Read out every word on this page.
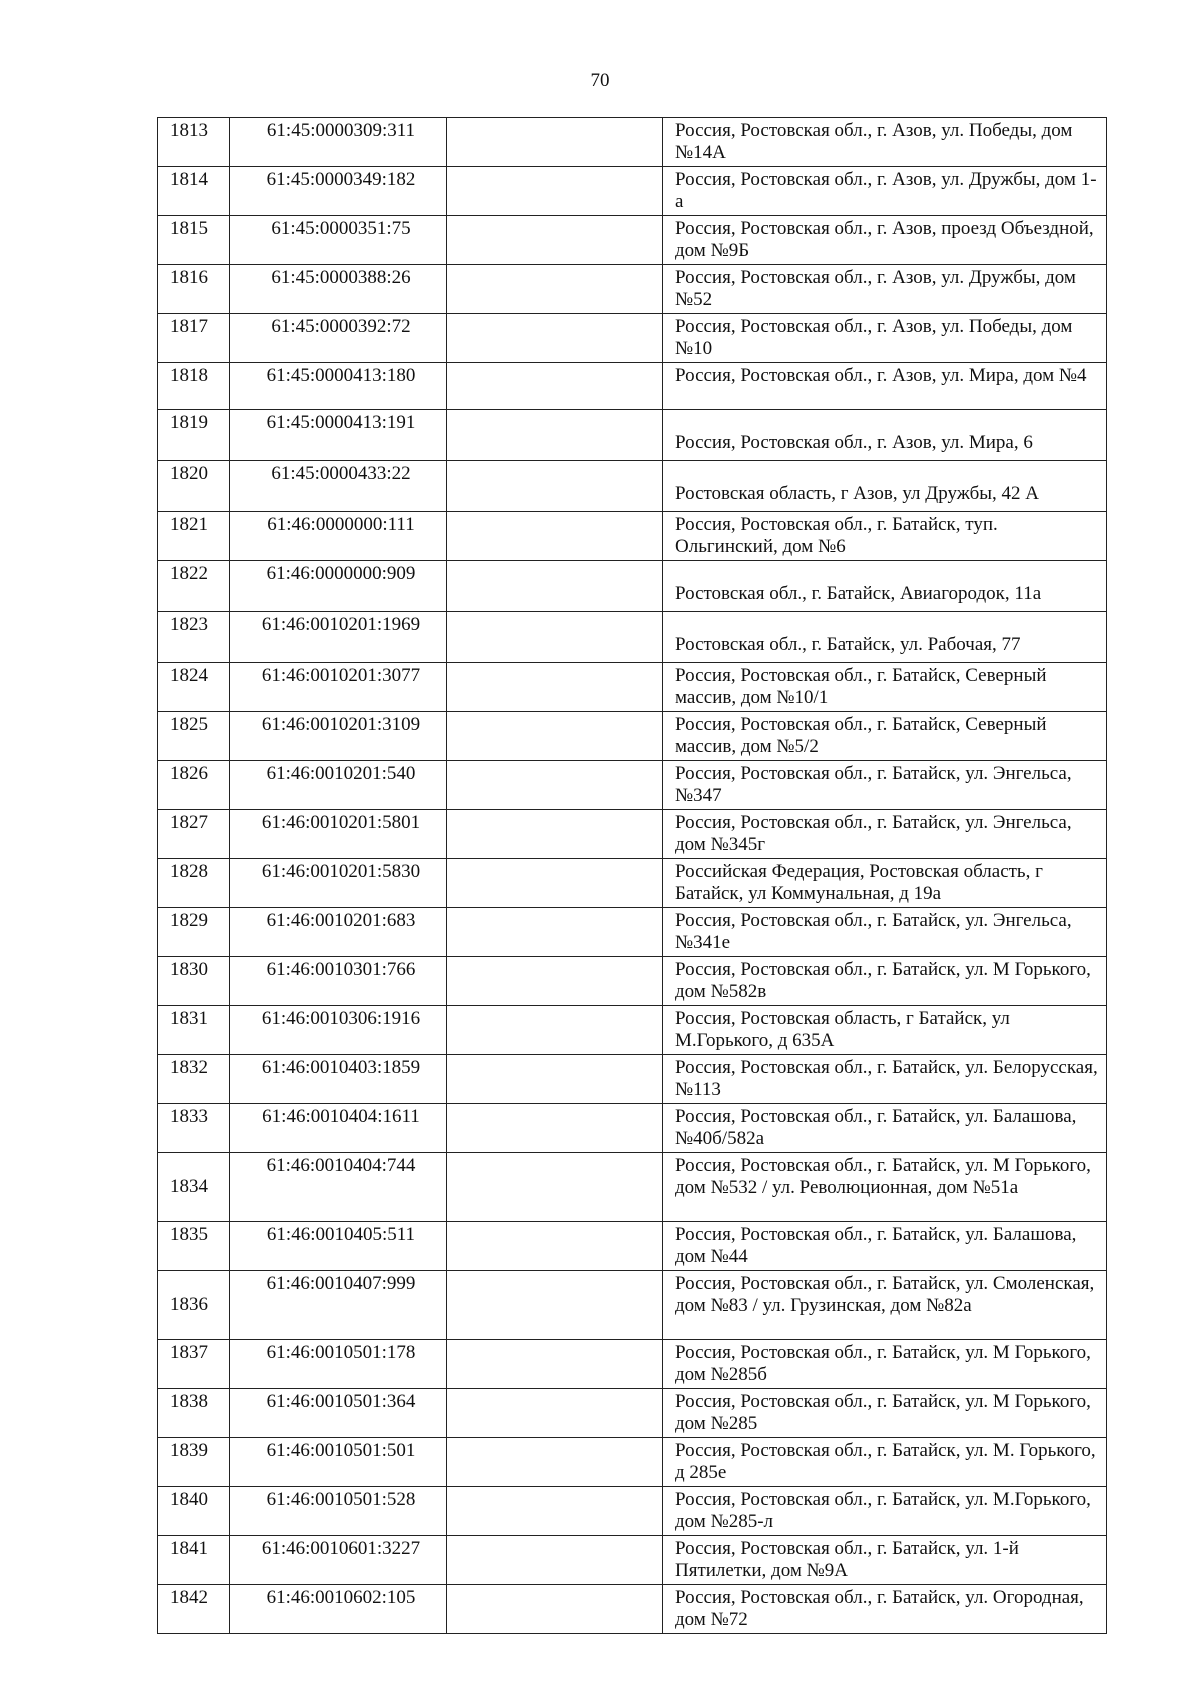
70
1813	61:45:0000309:311		Россия, Ростовская обл., г. Азов, ул. Победы, дом №14А
1814	61:45:0000349:182		Россия, Ростовская обл., г. Азов, ул. Дружбы, дом 1-а
1815	61:45:0000351:75		Россия, Ростовская обл., г. Азов, проезд Объездной, дом №9Б
1816	61:45:0000388:26		Россия, Ростовская обл., г. Азов, ул. Дружбы, дом №52
1817	61:45:0000392:72		Россия, Ростовская обл., г. Азов, ул. Победы, дом №10
1818	61:45:0000413:180		Россия, Ростовская обл., г. Азов, ул. Мира, дом №4
1819	61:45:0000413:191		Россия, Ростовская обл., г. Азов, ул. Мира, 6
1820	61:45:0000433:22		Ростовская область, г Азов, ул Дружбы, 42 А
1821	61:46:0000000:111		Россия, Ростовская обл., г. Батайск, туп. Ольгинский, дом №6
1822	61:46:0000000:909		Ростовская обл., г. Батайск, Авиагородок, 11а
1823	61:46:0010201:1969		Ростовская обл., г. Батайск, ул. Рабочая, 77
1824	61:46:0010201:3077		Россия, Ростовская обл., г. Батайск, Северный массив, дом №10/1
1825	61:46:0010201:3109		Россия, Ростовская обл., г. Батайск, Северный массив, дом №5/2
1826	61:46:0010201:540		Россия, Ростовская обл., г. Батайск, ул. Энгельса, №347
1827	61:46:0010201:5801		Россия, Ростовская обл., г. Батайск, ул. Энгельса, дом №345г
1828	61:46:0010201:5830		Российская Федерация, Ростовская область, г Батайск, ул Коммунальная, д 19а
1829	61:46:0010201:683		Россия, Ростовская обл., г. Батайск, ул. Энгельса, №341е
1830	61:46:0010301:766		Россия, Ростовская обл., г. Батайск, ул. М Горького, дом №582в
1831	61:46:0010306:1916		Россия, Ростовская область, г Батайск, ул М.Горького, д 635А
1832	61:46:0010403:1859		Россия, Ростовская обл., г. Батайск, ул. Белорусская, №113
1833	61:46:0010404:1611		Россия, Ростовская обл., г. Батайск, ул. Балашова, №40б/582а
1834	61:46:0010404:744		Россия, Ростовская обл., г. Батайск, ул. М Горького, дом №532 / ул. Революционная, дом №51а
1835	61:46:0010405:511		Россия, Ростовская обл., г. Батайск, ул. Балашова, дом №44
1836	61:46:0010407:999		Россия, Ростовская обл., г. Батайск, ул. Смоленская, дом №83 / ул. Грузинская, дом №82а
1837	61:46:0010501:178		Россия, Ростовская обл., г. Батайск, ул. М Горького, дом №285б
1838	61:46:0010501:364		Россия, Ростовская обл., г. Батайск, ул. М Горького, дом №285
1839	61:46:0010501:501		Россия, Ростовская обл., г. Батайск, ул. М. Горького, д 285е
1840	61:46:0010501:528		Россия, Ростовская обл., г. Батайск, ул. М.Горького, дом №285-л
1841	61:46:0010601:3227		Россия, Ростовская обл., г. Батайск, ул. 1-й Пятилетки, дом №9А
1842	61:46:0010602:105		Россия, Ростовская обл., г. Батайск, ул. Огородная, дом №72
